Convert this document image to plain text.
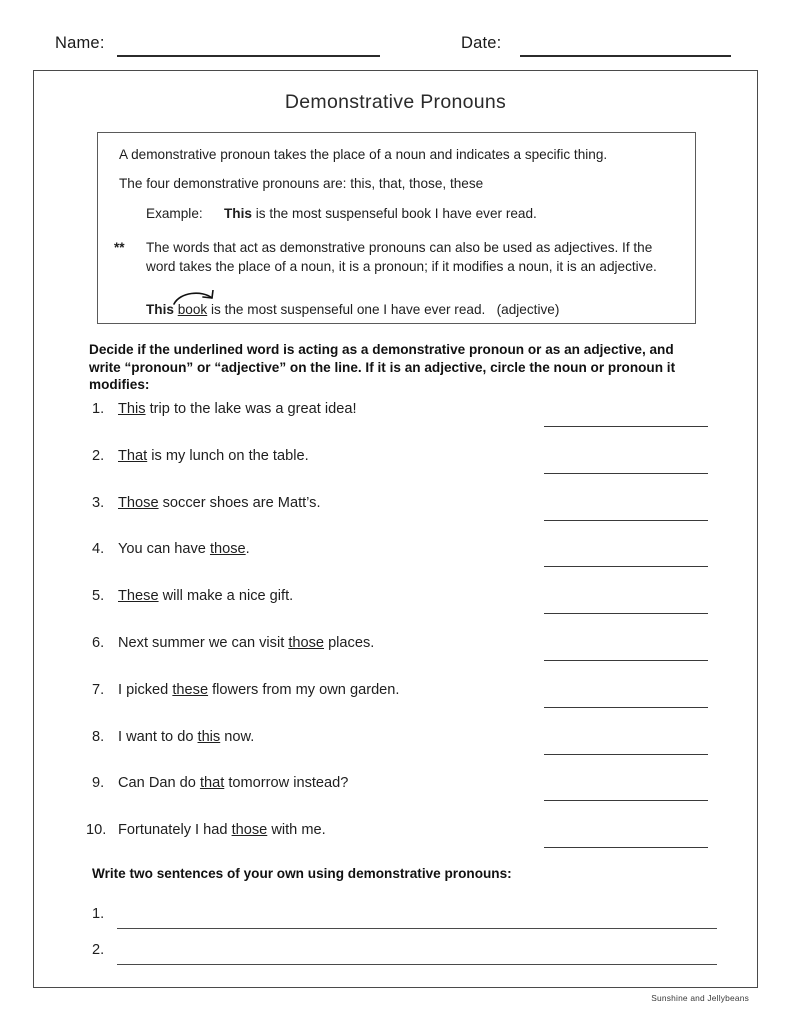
Name:	Date:
Demonstrative Pronouns
A demonstrative pronoun takes the place of a noun and indicates a specific thing.
The four demonstrative pronouns are: this, that, those, these
Example: This is the most suspenseful book I have ever read.
** The words that act as demonstrative pronouns can also be used as adjectives. If the word takes the place of a noun, it is a pronoun; if it modifies a noun, it is an adjective.
This book is the most suspenseful one I have ever read. (adjective)
Decide if the underlined word is acting as a demonstrative pronoun or as an adjective, and write “pronoun” or “adjective” on the line. If it is an adjective, circle the noun or pronoun it modifies:
1. This trip to the lake was a great idea!
2. That is my lunch on the table.
3. Those soccer shoes are Matt’s.
4. You can have those.
5. These will make a nice gift.
6. Next summer we can visit those places.
7. I picked these flowers from my own garden.
8. I want to do this now.
9. Can Dan do that tomorrow instead?
10. Fortunately I had those with me.
Write two sentences of your own using demonstrative pronouns:
1.
2.
Sunshine and Jellybeans
